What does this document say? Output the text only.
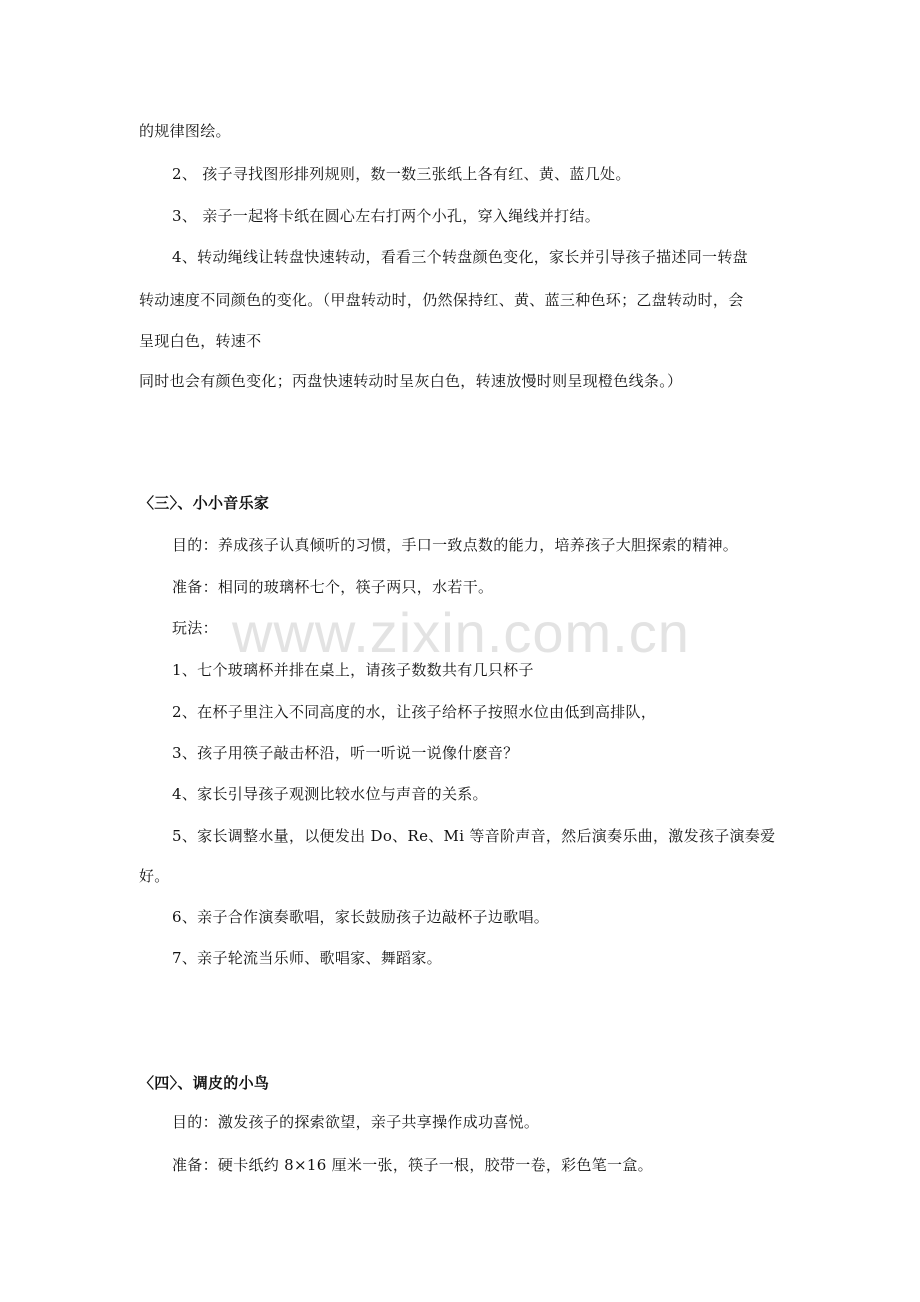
www.zixin.com.cn
的规律图绘。
2、 孩子寻找图形排列规则，数一数三张纸上各有红、黄、蓝几处。
3、 亲子一起将卡纸在圆心左右打两个小孔，穿入绳线并打结。
4、转动绳线让转盘快速转动，看看三个转盘颜色变化，家长并引导孩子描述同一转盘
转动速度不同颜色的变化。（甲盘转动时，仍然保持红、黄、蓝三种色环；乙盘转动时，会
呈现白色，转速不
同时也会有颜色变化；丙盘快速转动时呈灰白色，转速放慢时则呈现橙色线条。）
〈三〉、小小音乐家
目的：养成孩子认真倾听的习惯，手口一致点数的能力，培养孩子大胆探索的精神。
准备：相同的玻璃杯七个，筷子两只，水若干。
玩法：
1、七个玻璃杯并排在桌上，请孩子数数共有几只杯子
2、在杯子里注入不同高度的水，让孩子给杯子按照水位由低到高排队，
3、孩子用筷子敲击杯沿，听一听说一说像什麽音？
4、家长引导孩子观测比较水位与声音的关系。
5、家长调整水量，以便发出 Do、Re、Mi 等音阶声音，然后演奏乐曲，激发孩子演奏爱
好。
6、亲子合作演奏歌唱，家长鼓励孩子边敲杯子边歌唱。
7、亲子轮流当乐师、歌唱家、舞蹈家。
〈四〉、调皮的小鸟
目的：激发孩子的探索欲望，亲子共享操作成功喜悦。
准备：硬卡纸约 8×16 厘米一张，筷子一根，胶带一卷，彩色笔一盒。
